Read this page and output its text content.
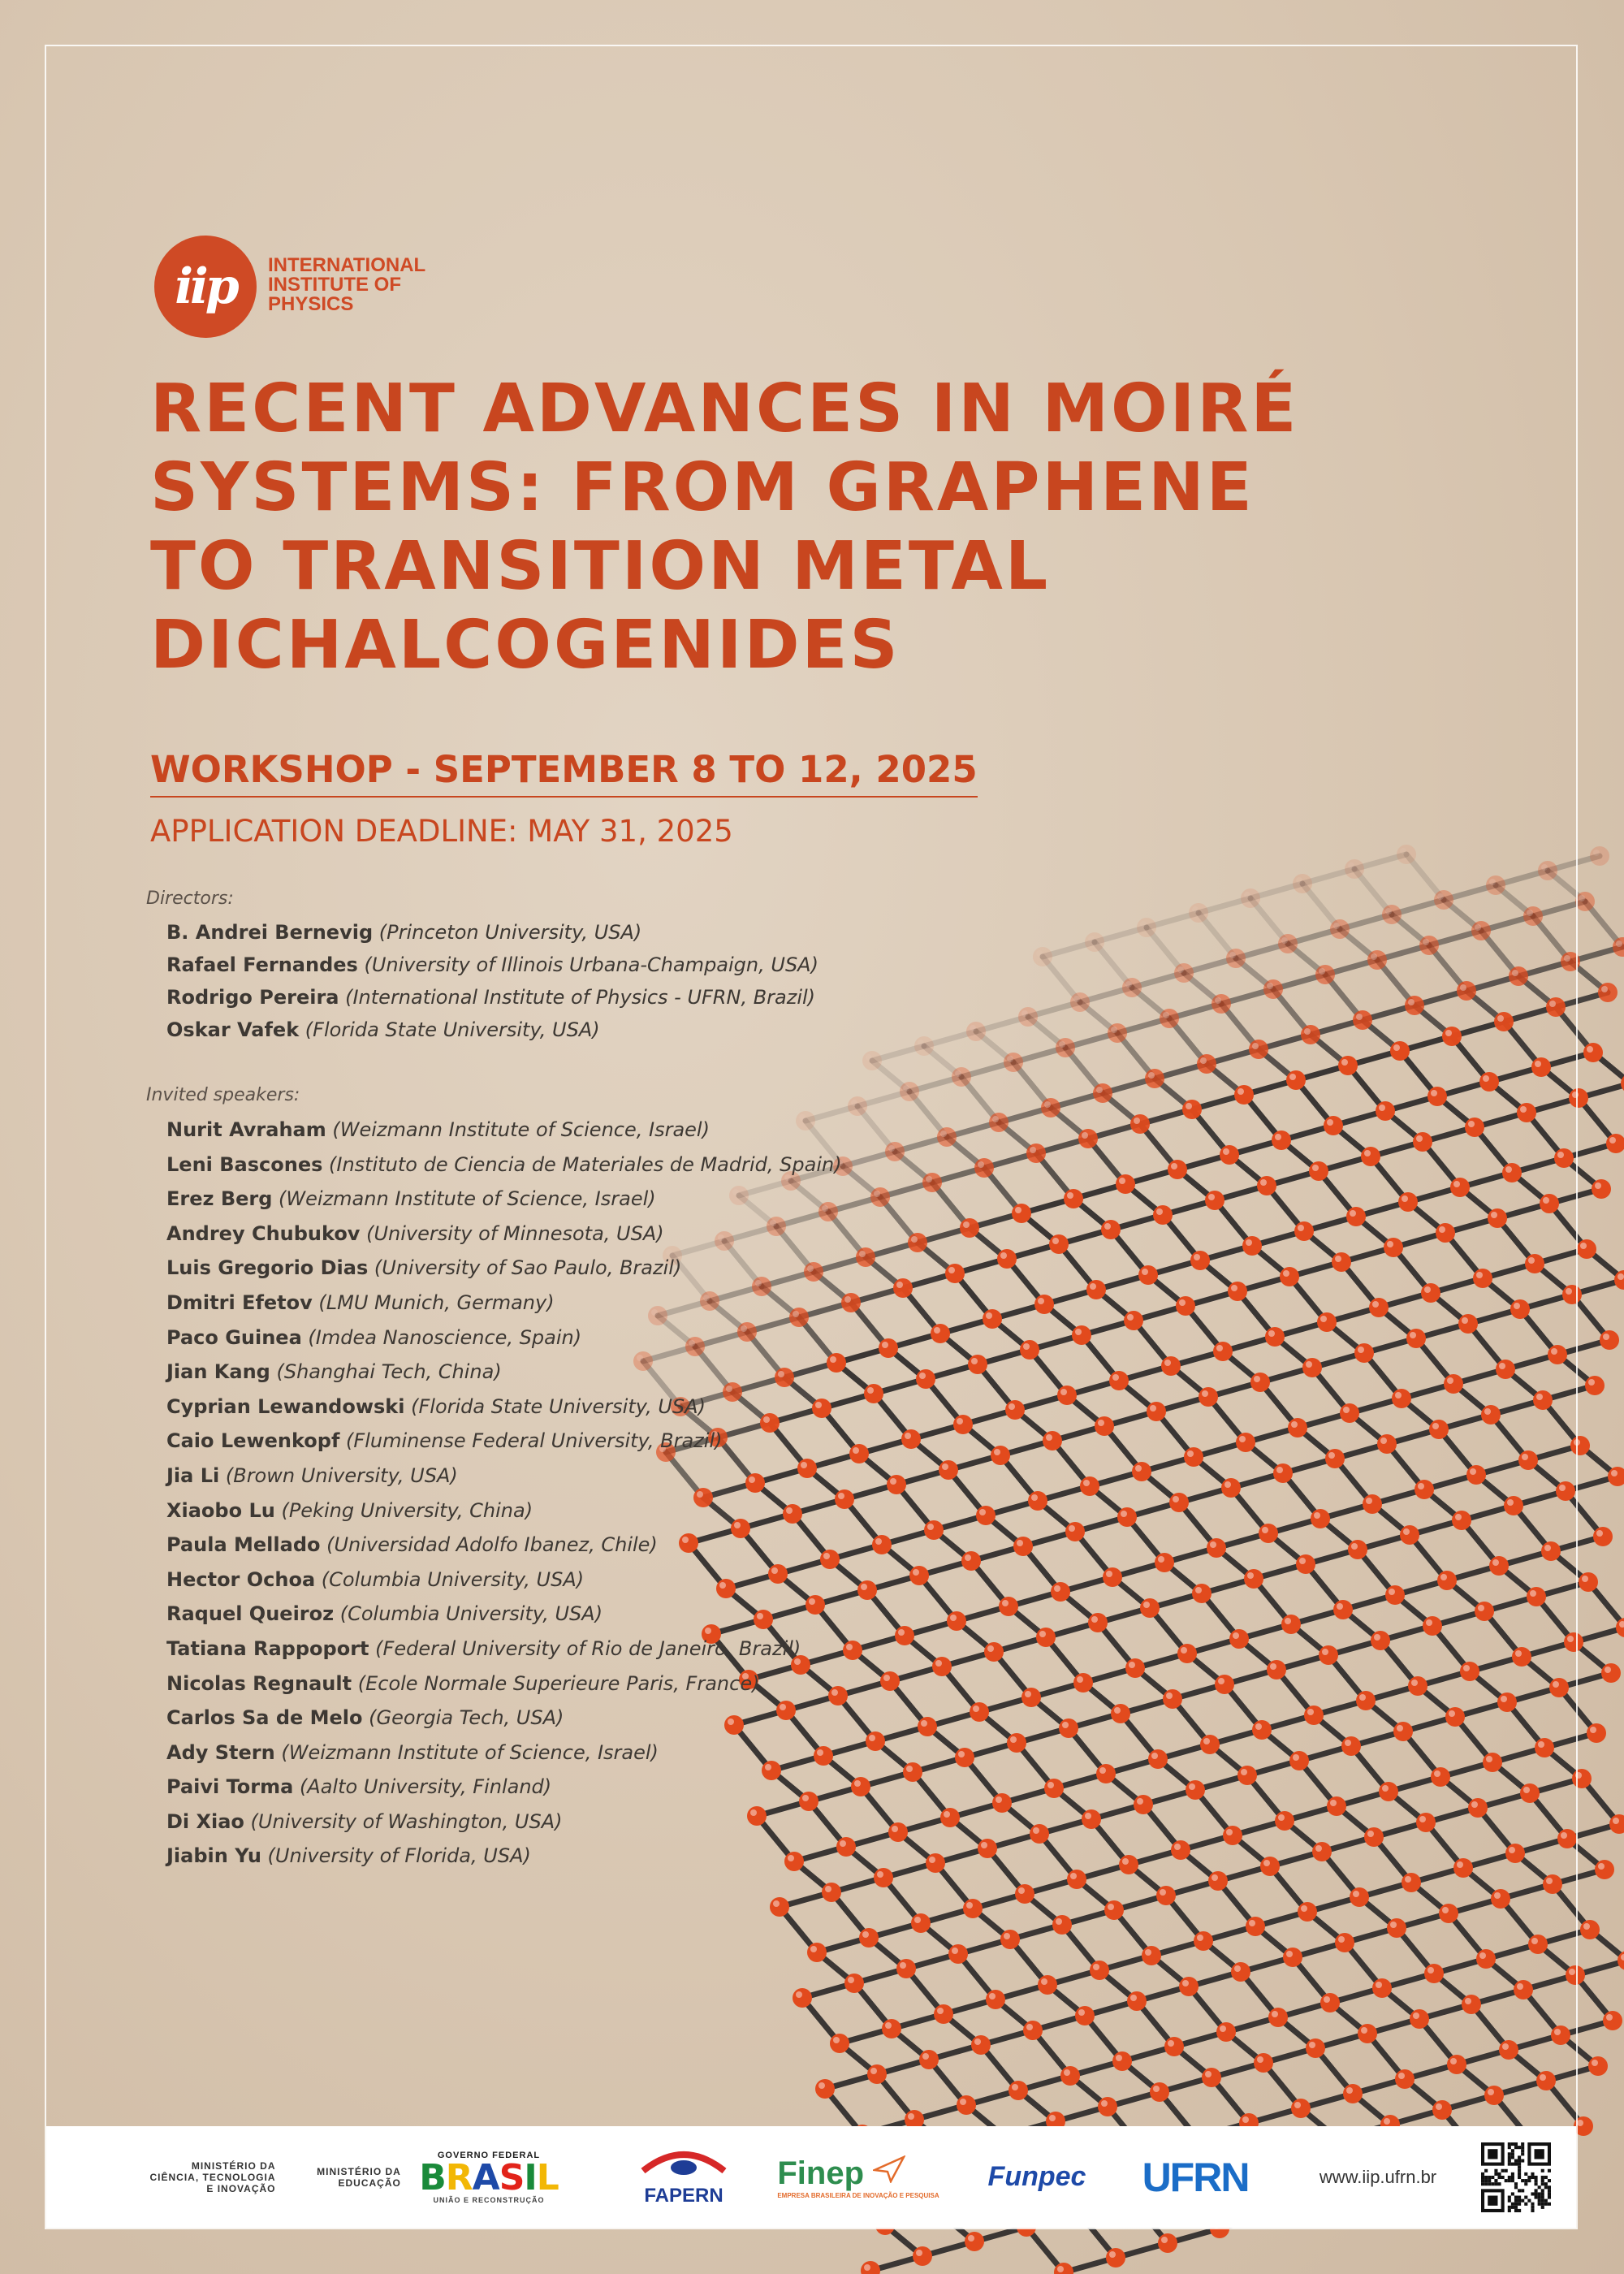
iip	INTERNATIONAL
INSTITUTE OF
PHYSICS
RECENT ADVANCES IN MOIRÉ
SYSTEMS: FROM GRAPHENE
TO TRANSITION METAL
DICHALCOGENIDES
WORKSHOP - SEPTEMBER 8 TO 12, 2025
APPLICATION DEADLINE: MAY 31, 2025
Directors:
B. Andrei Bernevig (Princeton University, USA)
Rafael Fernandes (University of Illinois Urbana-Champaign, USA)
Rodrigo Pereira (International Institute of Physics - UFRN, Brazil)
Oskar Vafek (Florida State University, USA)
Invited speakers:
Nurit Avraham (Weizmann Institute of Science, Israel)
Leni Bascones (Instituto de Ciencia de Materiales de Madrid, Spain)
Erez Berg (Weizmann Institute of Science, Israel)
Andrey Chubukov (University of Minnesota, USA)
Luis Gregorio Dias (University of Sao Paulo, Brazil)
Dmitri Efetov (LMU Munich, Germany)
Paco Guinea (Imdea Nanoscience, Spain)
Jian Kang (Shanghai Tech, China)
Cyprian Lewandowski (Florida State University, USA)
Caio Lewenkopf (Fluminense Federal University, Brazil)
Jia Li (Brown University, USA)
Xiaobo Lu (Peking University, China)
Paula Mellado (Universidad Adolfo Ibanez, Chile)
Hector Ochoa (Columbia University, USA)
Raquel Queiroz (Columbia University, USA)
Tatiana Rappoport (Federal University of Rio de Janeiro, Brazil)
Nicolas Regnault (Ecole Normale Superieure Paris, France)
Carlos Sa de Melo (Georgia Tech, USA)
Ady Stern (Weizmann Institute of Science, Israel)
Paivi Torma (Aalto University, Finland)
Di Xiao (University of Washington, USA)
Jiabin Yu (University of Florida, USA)
MINISTÉRIO DA
CIÊNCIA, TECNOLOGIA
E INOVAÇÃO
MINISTÉRIO DA
EDUCAÇÃO
GOVERNO FEDERAL
BRASIL
UNIÃO E RECONSTRUÇÃO	FAPERN
Finep
EMPRESA BRASILEIRA DE INOVAÇÃO E PESQUISA
Funpec UFRN	www.iip.ufrn.br
